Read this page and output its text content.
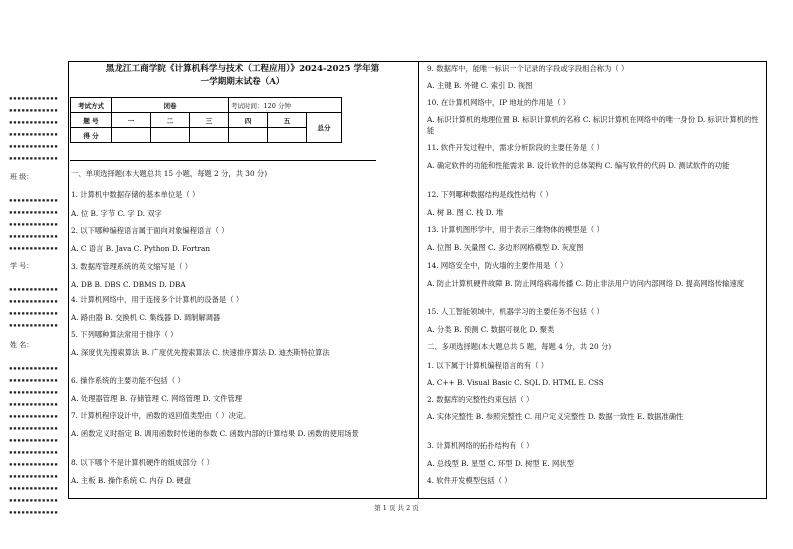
▪▪▪▪▪▪▪▪▪▪▪▪

▪▪▪▪▪▪▪▪▪▪▪▪

▪▪▪▪▪▪▪▪▪▪▪▪

▪▪▪▪▪▪▪▪▪▪▪▪

▪▪▪▪▪▪▪▪▪▪▪▪

▪▪▪▪▪▪▪▪▪▪▪▪
班 级：
▪▪▪▪▪▪▪▪▪▪▪▪

▪▪▪▪▪▪▪▪▪▪▪▪

▪▪▪▪▪▪▪▪▪▪▪▪

▪▪▪▪▪▪▪▪▪▪▪▪

▪▪▪▪▪▪▪▪▪▪▪▪
学 号：
▪▪▪▪▪▪▪▪▪▪▪▪

▪▪▪▪▪▪▪▪▪▪▪▪

▪▪▪▪▪▪▪▪▪▪▪▪

▪▪▪▪▪▪▪▪▪▪▪▪
姓 名：
▪▪▪▪▪▪▪▪▪▪▪▪

▪▪▪▪▪▪▪▪▪▪▪▪

▪▪▪▪▪▪▪▪▪▪▪▪

▪▪▪▪▪▪▪▪▪▪▪▪

▪▪▪▪▪▪▪▪▪▪▪▪

▪▪▪▪▪▪▪▪▪▪▪▪

▪▪▪▪▪▪▪▪▪▪▪▪

▪▪▪▪▪▪▪▪▪▪▪▪

▪▪▪▪▪▪▪▪▪▪▪▪

▪▪▪▪▪▪▪▪▪▪▪▪

▪▪▪▪▪▪▪▪▪▪▪▪

▪▪▪▪▪▪▪▪▪▪▪▪

▪▪▪▪▪▪▪▪▪▪▪▪
黑龙江工商学院《计算机科学与技术（工程应用）》2024-2025 学年第
一学期期末试卷（A）
考试方式	闭卷			考试时间：120 分钟		
题 号	一	二	三	四	五	总分
得 分						
一、单项选择题(本大题总共 15 小题，每题 2 分，共 30 分)
1. 计算机中数据存储的基本单位是（ ）
A. 位 B. 字节 C. 字 D. 双字
2. 以下哪种编程语言属于面向对象编程语言（ ）
A. C 语言 B. Java C. Python D. Fortran
3. 数据库管理系统的英文缩写是（ ）
A. DB B. DBS C. DBMS D. DBA
4. 计算机网络中，用于连接多个计算机的设备是（ ）
A. 路由器 B. 交换机 C. 集线器 D. 调制解调器
5. 下列哪种算法常用于排序（ ）
A. 深度优先搜索算法 B. 广度优先搜索算法 C. 快速排序算法 D. 迪杰斯特拉算法
6. 操作系统的主要功能不包括（ ）
A. 处理器管理 B. 存储管理 C. 网络管理 D. 文件管理
7. 计算机程序设计中，函数的返回值类型由（ ）决定。
A. 函数定义时指定 B. 调用函数时传递的参数 C. 函数内部的计算结果 D. 函数的使用场景
8. 以下哪个不是计算机硬件的组成部分（ ）
A. 主板 B. 操作系统 C. 内存 D. 硬盘
9. 数据库中，能唯一标识一个记录的字段或字段组合称为（ ）
A. 主键 B. 外键 C. 索引 D. 视图
10. 在计算机网络中，IP 地址的作用是（ ）
A. 标识计算机的地理位置 B. 标识计算机的名称 C. 标识计算机在网络中的唯一身份 D. 标识计算机的性能
11. 软件开发过程中，需求分析阶段的主要任务是（ ）
A. 确定软件的功能和性能需求 B. 设计软件的总体架构 C. 编写软件的代码 D. 测试软件的功能
12. 下列哪种数据结构是线性结构（ ）
A. 树 B. 图 C. 栈 D. 堆
13. 计算机图形学中，用于表示三维物体的模型是（ ）
A. 位图 B. 矢量图 C. 多边形网格模型 D. 灰度图
14. 网络安全中，防火墙的主要作用是（ ）
A. 防止计算机硬件故障 B. 防止网络病毒传播 C. 防止非法用户访问内部网络 D. 提高网络传输速度
15. 人工智能领域中，机器学习的主要任务不包括（ ）
A. 分类 B. 预测 C. 数据可视化 D. 聚类
二、多项选择题(本大题总共 5 题，每题 4 分，共 20 分)
1. 以下属于计算机编程语言的有（ ）
A. C++ B. Visual Basic C. SQL D. HTML E. CSS
2. 数据库的完整性约束包括（ ）
A. 实体完整性 B. 参照完整性 C. 用户定义完整性 D. 数据一致性 E. 数据准确性
3. 计算机网络的拓扑结构有（ ）
A. 总线型 B. 星型 C. 环型 D. 树型 E. 网状型
4. 软件开发模型包括（ ）
第 1 页 共 2 页
